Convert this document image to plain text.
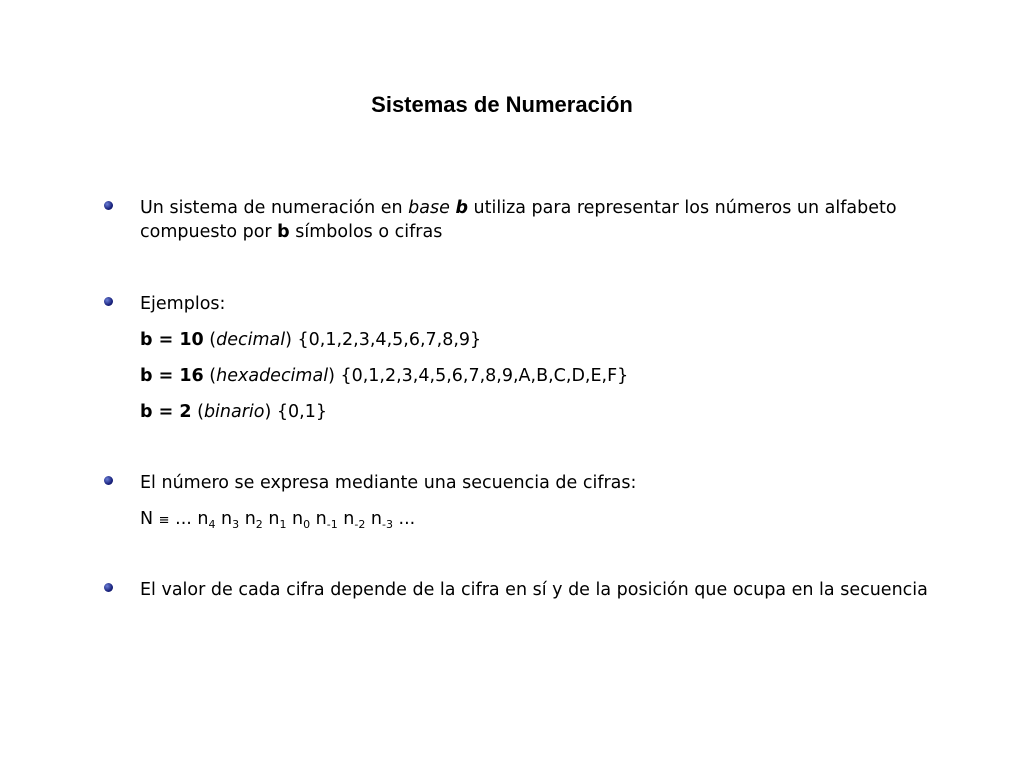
Sistemas de Numeración
Un sistema de numeración en base b utiliza para representar los números un alfabeto compuesto por b símbolos o cifras
Ejemplos:
b = 10 (decimal) {0,1,2,3,4,5,6,7,8,9}
b = 16 (hexadecimal) {0,1,2,3,4,5,6,7,8,9,A,B,C,D,E,F}
b = 2 (binario) {0,1}
El número se expresa mediante una secuencia de cifras:
N ≡ ... $n_4$ $n_3$ $n_2$ $n_1$ $n_0$ $n_{-1}$ $n_{-2}$ $n_{-3}$ ...
El valor de cada cifra depende de la cifra en sí y de la posición que ocupa en la secuencia
